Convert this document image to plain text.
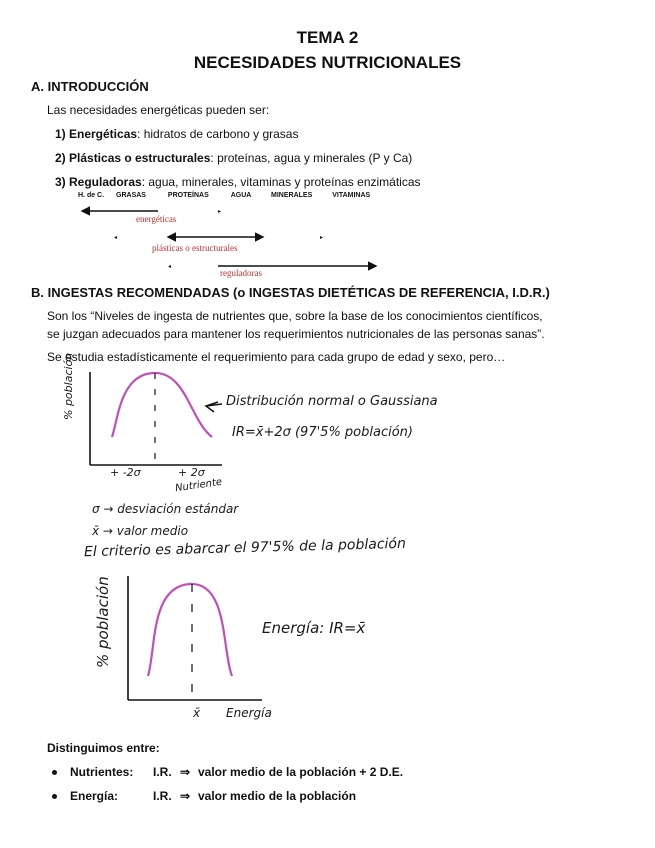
TEMA 2
NECESIDADES NUTRICIONALES
A. INTRODUCCIÓN
Las necesidades energéticas pueden ser:
1) Energéticas: hidratos de carbono y grasas
2) Plásticas o estructurales: proteínas, agua y minerales (P y Ca)
3) Reguladoras: agua, minerales, vitaminas y proteínas enzimáticas
H. de C. GRASAS	PROTEÍNAS	AGUA	MINERALES	VITAMINAS
▸
◂	▸
◂
energéticas
plásticas o estructurales
reguladoras
B. INGESTAS RECOMENDADAS (o INGESTAS DIETÉTICAS DE REFERENCIA, I.D.R.)
Son los “Niveles de ingesta de nutrientes que, sobre la base de los conocimientos científicos,
se juzgan adecuados para mantener los requerimientos nutricionales de las personas sanas”.
Se estudia estadísticamente el requerimiento para cada grupo de edad y sexo, pero…
% población
+ -2σ	+ 2σ
Nutriente
Distribución normal o Gaussiana
IR=x̄+2σ (97'5% población)
σ → desviación estándar
x̄ → valor medio
El criterio es abarcar el 97'5% de la población
% población
x̄ Energía
Energía: IR=x̄
Distinguimos entre:
Nutrientes: I.R. ⇒ valor medio de la población + 2 D.E.
Energía:	I.R. ⇒ valor medio de la población
